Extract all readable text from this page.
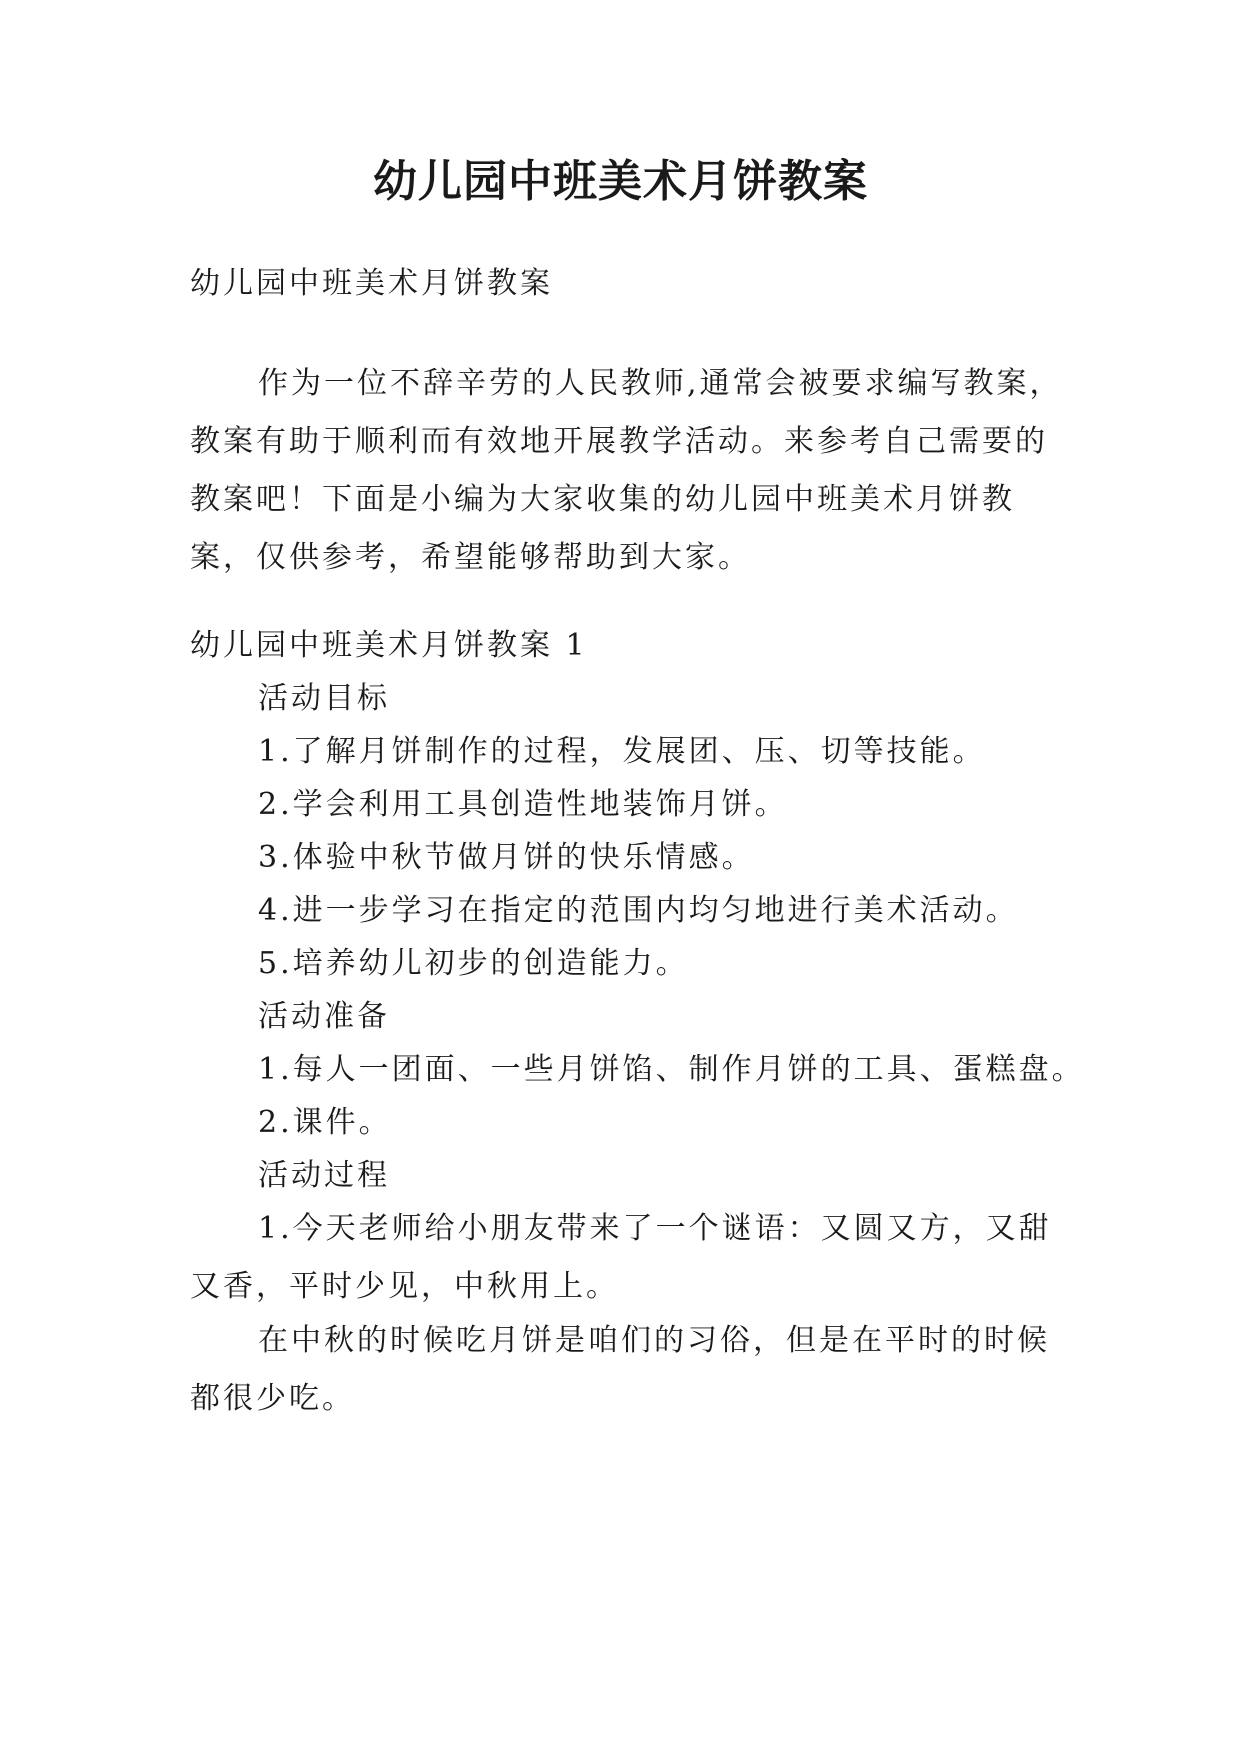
幼儿园中班美术月饼教案

幼儿园中班美术月饼教案

作为一位不辞辛劳的人民教师,通常会被要求编写教案，
教案有助于顺利而有效地开展教学活动。来参考自己需要的
教案吧！下面是小编为大家收集的幼儿园中班美术月饼教
案，仅供参考，希望能够帮助到大家。

幼儿园中班美术月饼教案 1

活动目标

1.了解月饼制作的过程，发展团、压、切等技能。

2.学会利用工具创造性地装饰月饼。

3.体验中秋节做月饼的快乐情感。

4.进一步学习在指定的范围内均匀地进行美术活动。

5.培养幼儿初步的创造能力。

活动准备

1.每人一团面、一些月饼馅、制作月饼的工具、蛋糕盘。

2.课件。

活动过程

1.今天老师给小朋友带来了一个谜语：又圆又方，又甜
又香，平时少见，中秋用上。
在中秋的时候吃月饼是咱们的习俗，但是在平时的时候
都很少吃。
